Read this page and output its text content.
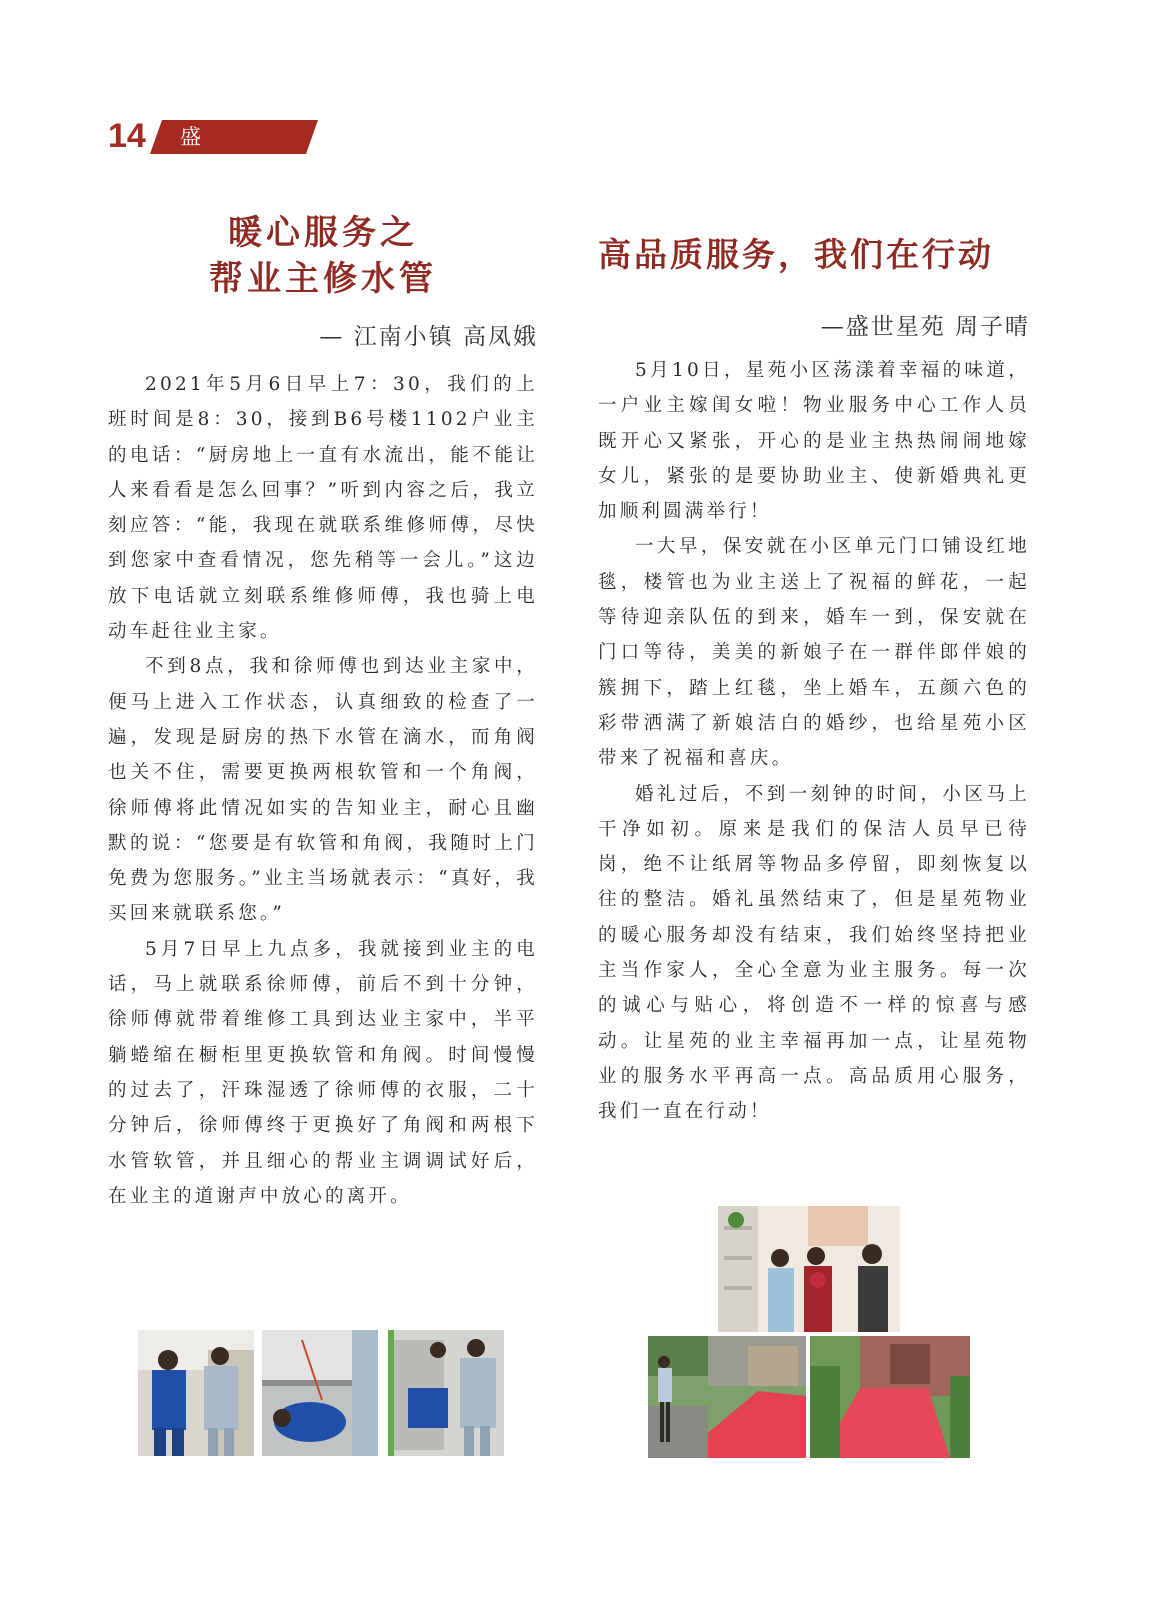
14 盛世物业 暖心服务之
帮业主修水管
— 江南小镇 高凤娥

2021年5月6日早上7：30，我们的上班时间是8：30，接到B6号楼1102户业主的电话：“厨房地上一直有水流出，能不能让人来看看是怎么回事？”听到内容之后，我立刻应答：“能，我现在就联系维修师傅，尽快到您家中查看情况，您先稍等一会儿。”这边放下电话就立刻联系维修师傅，我也骑上电动车赶往业主家。

不到8点，我和徐师傅也到达业主家中，便马上进入工作状态，认真细致的检查了一遍，发现是厨房的热下水管在滴水，而角阀也关不住，需要更换两根软管和一个角阀，徐师傅将此情况如实的告知业主，耐心且幽默的说：“您要是有软管和角阀，我随时上门免费为您服务。”业主当场就表示：“真好，我买回来就联系您。”

5月7日早上九点多，我就接到业主的电话，马上就联系徐师傅，前后不到十分钟，徐师傅就带着维修工具到达业主家中，半平躺蜷缩在橱柜里更换软管和角阀。时间慢慢的过去了，汗珠湿透了徐师傅的衣服，二十分钟后，徐师傅终于更换好了角阀和两根下水管软管，并且细心的帮业主调调试好后，在业主的道谢声中放心的离开。

高品质服务，我们在行动
—盛世星苑 周子晴

5月10日，星苑小区荡漾着幸福的味道，一户业主嫁闺女啦！物业服务中心工作人员既开心又紧张，开心的是业主热热闹闹地嫁女儿，紧张的是要协助业主、使新婚典礼更加顺利圆满举行！

一大早，保安就在小区单元门口铺设红地毯，楼管也为业主送上了祝福的鲜花，一起等待迎亲队伍的到来，婚车一到，保安就在门口等待，美美的新娘子在一群伴郎伴娘的簇拥下，踏上红毯，坐上婚车，五颜六色的彩带洒满了新娘洁白的婚纱，也给星苑小区带来了祝福和喜庆。

婚礼过后，不到一刻钟的时间，小区马上干净如初。原来是我们的保洁人员早已待岗，绝不让纸屑等物品多停留，即刻恢复以往的整洁。婚礼虽然结束了，但是星苑物业的暖心服务却没有结束，我们始终坚持把业主当作家人，全心全意为业主服务。每一次的诚心与贴心，将创造不一样的惊喜与感动。让星苑的业主幸福再加一点，让星苑物业的服务水平再高一点。高品质用心服务，我们一直在行动！
